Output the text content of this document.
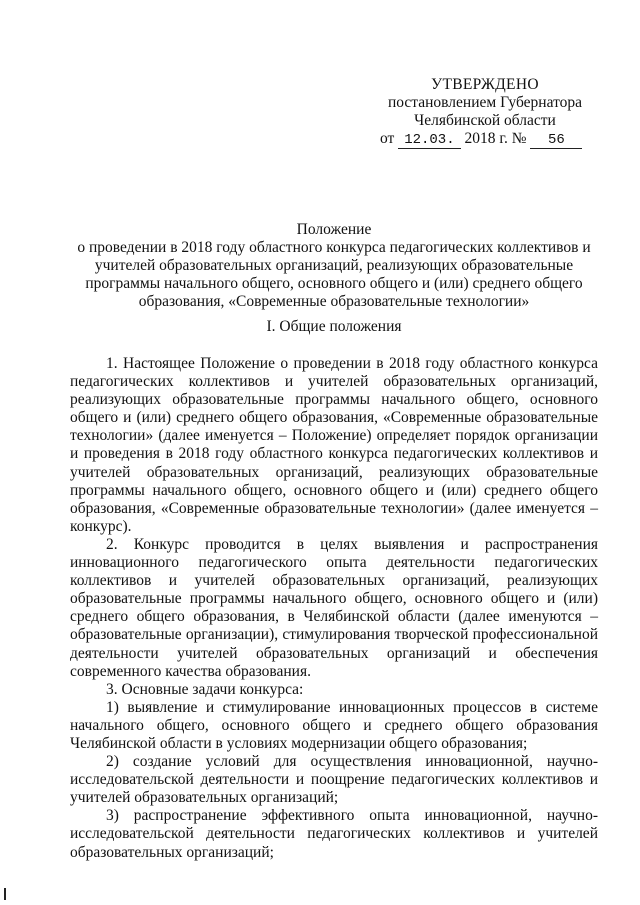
УТВЕРЖДЕНО
постановлением Губернатора
Челябинской области
от 12.03. 2018 г. № 56
Положение
о проведении в 2018 году областного конкурса педагогических коллективов и
учителей образовательных организаций, реализующих образовательные
программы начального общего, основного общего и (или) среднего общего
образования, «Современные образовательные технологии»
I. Общие положения

1. Настоящее Положение о проведении в 2018 году областного конкурса педагогических коллективов и учителей образовательных организаций, реализующих образовательные программы начального общего, основного общего и (или) среднего общего образования, «Современные образовательные технологии» (далее именуется – Положение) определяет порядок организации и проведения в 2018 году областного конкурса педагогических коллективов и учителей образовательных организаций, реализующих образовательные программы начального общего, основного общего и (или) среднего общего образования, «Современные образовательные технологии» (далее именуется – конкурс).

2. Конкурс проводится в целях выявления и распространения инновационного педагогического опыта деятельности педагогических коллективов и учителей образовательных организаций, реализующих образовательные программы начального общего, основного общего и (или) среднего общего образования, в Челябинской области (далее именуются – образовательные организации), стимулирования творческой профессиональной деятельности учителей образовательных организаций и обеспечения современного качества образования.

3. Основные задачи конкурса:

1) выявление и стимулирование инновационных процессов в системе начального общего, основного общего и среднего общего образования Челябинской области в условиях модернизации общего образования;

2) создание условий для осуществления инновационной, научно-исследовательской деятельности и поощрение педагогических коллективов и учителей образовательных организаций;

3) распространение эффективного опыта инновационной, научно-исследовательской деятельности педагогических коллективов и учителей образовательных организаций;
